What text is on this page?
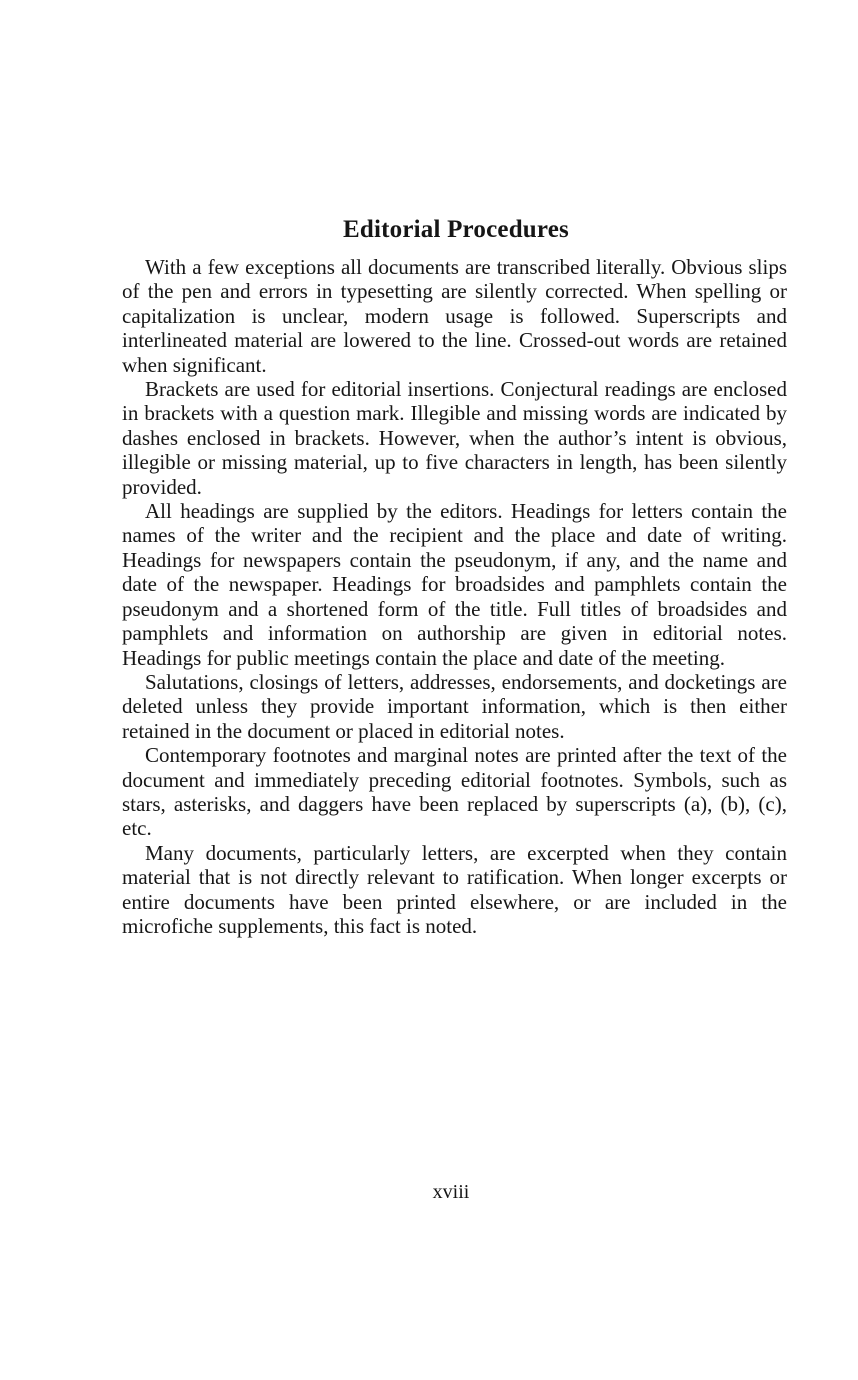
Editorial Procedures

With a few exceptions all documents are transcribed literally. Obvious slips of the pen and errors in typesetting are silently corrected. When spelling or capitalization is unclear, modern usage is followed. Superscripts and interlineated material are lowered to the line. Crossed‑out words are retained when significant.

Brackets are used for editorial insertions. Conjectural readings are enclosed in brackets with a question mark. Illegible and missing words are indicated by dashes enclosed in brackets. However, when the author’s intent is obvious, illegible or missing material, up to five characters in length, has been silently provided.

All headings are supplied by the editors. Headings for letters contain the names of the writer and the recipient and the place and date of writing. Headings for newspapers contain the pseudonym, if any, and the name and date of the newspaper. Headings for broadsides and pamphlets contain the pseudonym and a shortened form of the title. Full titles of broadsides and pamphlets and information on authorship are given in editorial notes. Headings for public meetings contain the place and date of the meeting.

Salutations, closings of letters, addresses, endorsements, and docketings are deleted unless they provide important information, which is then either retained in the document or placed in editorial notes.

Contemporary footnotes and marginal notes are printed after the text of the document and immediately preceding editorial footnotes. Symbols, such as stars, asterisks, and daggers have been replaced by superscripts (a), (b), (c), etc.

Many documents, particularly letters, are excerpted when they contain material that is not directly relevant to ratification. When longer excerpts or entire documents have been printed elsewhere, or are included in the microfiche supplements, this fact is noted.

xviii
